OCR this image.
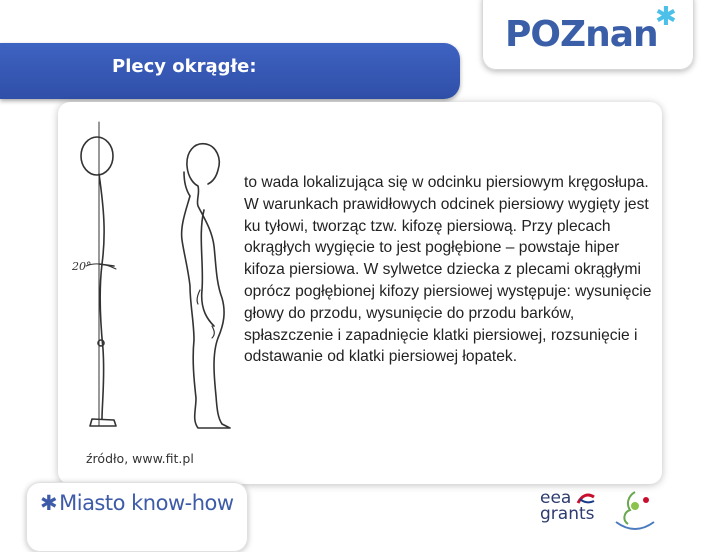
POZnan
✱
Plecy okrągłe:
20°
to wada lokalizująca się w odcinku piersiowym kręgosłupa. W warunkach prawidłowych odcinek piersiowy wygięty jest ku tyłowi, tworząc tzw. kifozę piersiową. Przy plecach okrągłych wygięcie to jest pogłębione – powstaje hiper kifoza piersiowa. W sylwetce dziecka z plecami okrągłymi oprócz pogłębionej kifozy piersiowej występuje: wysunięcie głowy do przodu, wysunięcie do przodu barków, spłaszczenie i zapadnięcie klatki piersiowej, rozsunięcie i odstawanie od klatki piersiowej łopatek.
źródło, www.fit.pl
✱Miasto know-how	eea
grants
